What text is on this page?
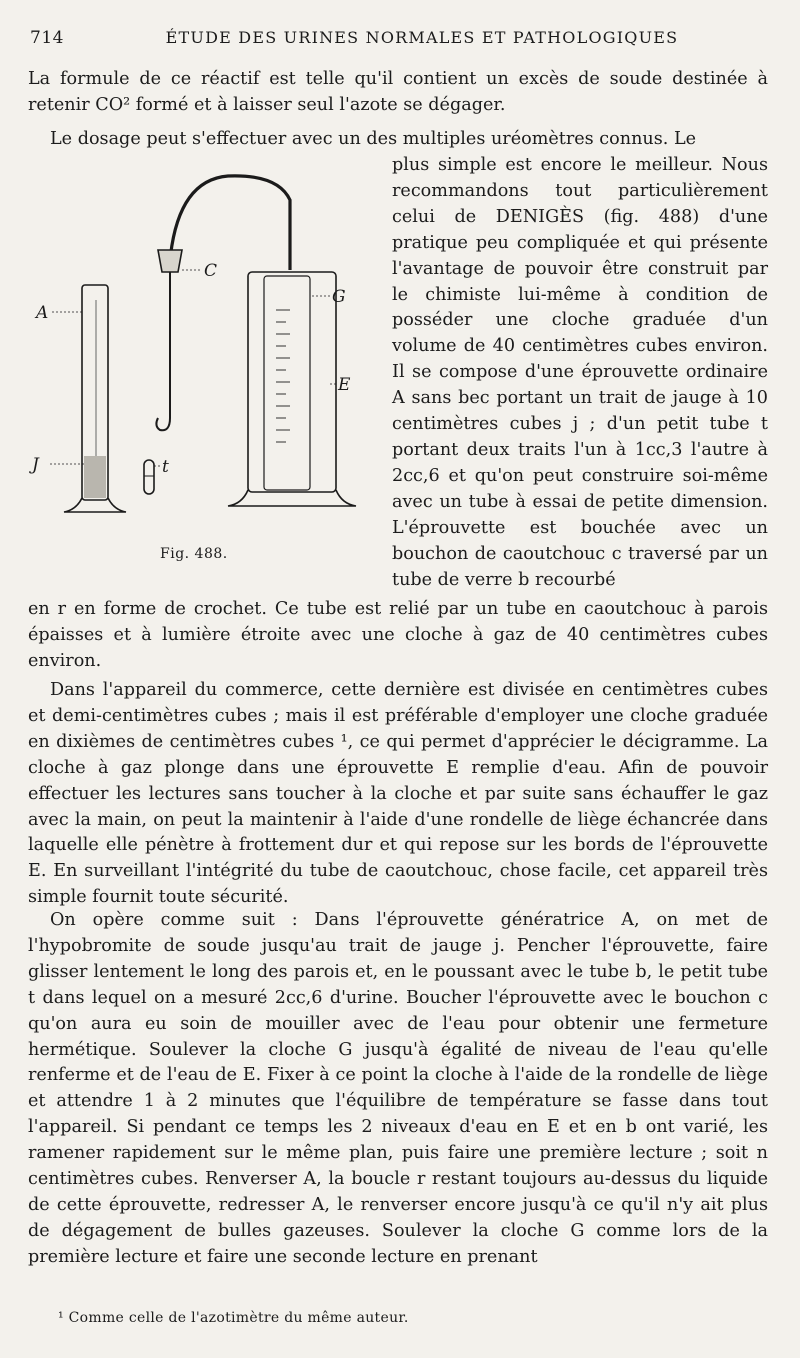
714	ÉTUDE DES URINES NORMALES ET PATHOLOGIQUES

La formule de ce réactif est telle qu'il contient un excès de soude destinée à retenir CO² formé et à laisser seul l'azote se dégager.

Le dosage peut s'effectuer avec un des multiples uréomètres connus. Le

plus simple est encore le meilleur. Nous recommandons tout particulièrement celui de DENIGÈS (fig. 488) d'une pratique peu compliquée et qui présente l'avantage de pouvoir être construit par le chimiste lui-même à condition de posséder une cloche graduée d'un volume de 40 centimètres cubes environ. Il se compose d'une éprouvette ordinaire A sans bec portant un trait de jauge à 10 centimètres cubes j ; d'un petit tube t portant deux traits l'un à 1cc,3 l'autre à 2cc,6 et qu'on peut construire soi-même avec un tube à essai de petite dimension. L'éprouvette est bouchée avec un bouchon de caoutchouc c traversé par un tube de verre b recourbé

A
J	t
C
G
E
Fig. 488.

en r en forme de crochet. Ce tube est relié par un tube en caoutchouc à parois épaisses et à lumière étroite avec une cloche à gaz de 40 centimètres cubes environ.

Dans l'appareil du commerce, cette dernière est divisée en centimètres cubes et demi-centimètres cubes ; mais il est préférable d'employer une cloche graduée en dixièmes de centimètres cubes ¹, ce qui permet d'apprécier le décigramme. La cloche à gaz plonge dans une éprouvette E remplie d'eau. Afin de pouvoir effectuer les lectures sans toucher à la cloche et par suite sans échauffer le gaz avec la main, on peut la maintenir à l'aide d'une rondelle de liège échancrée dans laquelle elle pénètre à frottement dur et qui repose sur les bords de l'éprouvette E. En surveillant l'intégrité du tube de caoutchouc, chose facile, cet appareil très simple fournit toute sécurité.

On opère comme suit : Dans l'éprouvette génératrice A, on met de l'hypobromite de soude jusqu'au trait de jauge j. Pencher l'éprouvette, faire glisser lentement le long des parois et, en le poussant avec le tube b, le petit tube t dans lequel on a mesuré 2cc,6 d'urine. Boucher l'éprouvette avec le bouchon c qu'on aura eu soin de mouiller avec de l'eau pour obtenir une fermeture hermétique. Soulever la cloche G jusqu'à égalité de niveau de l'eau qu'elle renferme et de l'eau de E. Fixer à ce point la cloche à l'aide de la rondelle de liège et attendre 1 à 2 minutes que l'équilibre de température se fasse dans tout l'appareil. Si pendant ce temps les 2 niveaux d'eau en E et en b ont varié, les ramener rapidement sur le même plan, puis faire une première lecture ; soit n centimètres cubes. Renverser A, la boucle r restant toujours au-dessus du liquide de cette éprouvette, redresser A, le renverser encore jusqu'à ce qu'il n'y ait plus de dégagement de bulles gazeuses. Soulever la cloche G comme lors de la première lecture et faire une seconde lecture en prenant

¹ Comme celle de l'azotimètre du même auteur.
